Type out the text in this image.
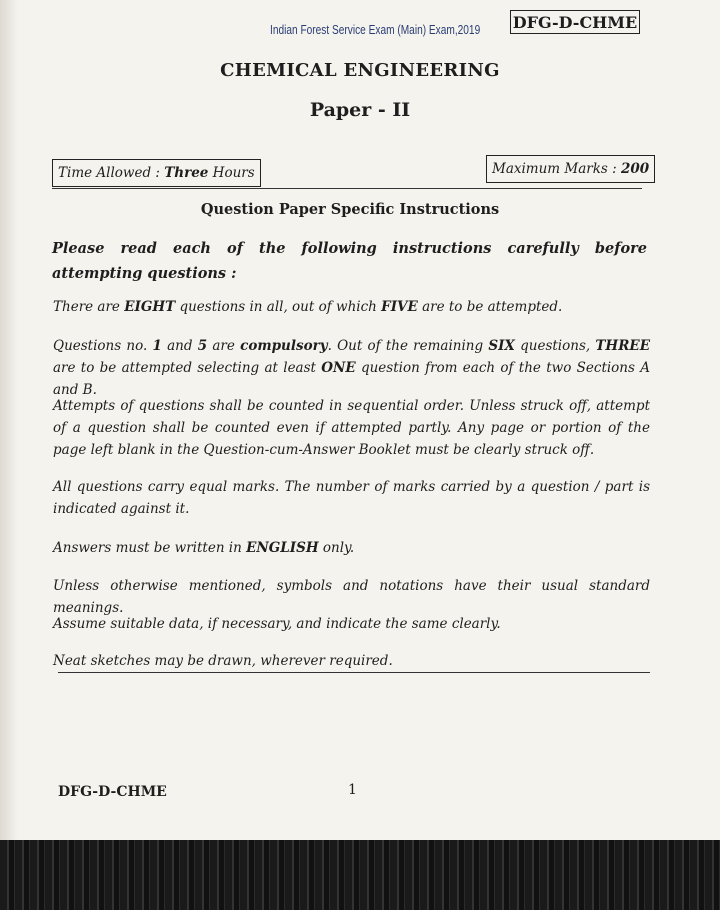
Indian Forest Service Exam (Main) Exam,2019 DFG-D-CHME
CHEMICAL ENGINEERING
Paper - II
Time Allowed : Three Hours	Maximum Marks : 200
Question Paper Specific Instructions
Please read each of the following instructions carefully before attempting questions :
There are EIGHT questions in all, out of which FIVE are to be attempted.
Questions no. 1 and 5 are compulsory. Out of the remaining SIX questions, THREE are to be attempted selecting at least ONE question from each of the two Sections A and B.
Attempts of questions shall be counted in sequential order. Unless struck off, attempt of a question shall be counted even if attempted partly. Any page or portion of the page left blank in the Question-cum-Answer Booklet must be clearly struck off.
All questions carry equal marks. The number of marks carried by a question / part is indicated against it.
Answers must be written in ENGLISH only.
Unless otherwise mentioned, symbols and notations have their usual standard meanings.
Assume suitable data, if necessary, and indicate the same clearly.
Neat sketches may be drawn, wherever required.
DFG-D-CHME	1
